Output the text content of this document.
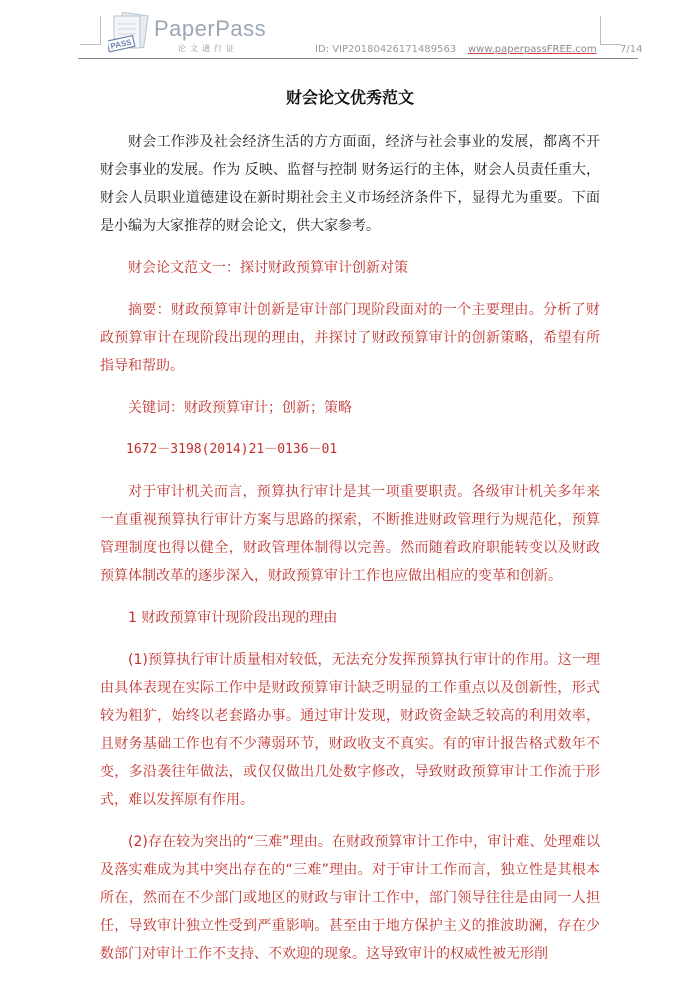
PASS
PaperPass
论文通行证	ID: VIP20180426171489563 www.paperpassFREE.com 7/14
财会论文优秀范文

财会工作涉及社会经济生活的方方面面，经济与社会事业的发展，都离不开财会事业的发展。作为 反映、监督与控制 财务运行的主体，财会人员责任重大，财会人员职业道德建设在新时期社会主义市场经济条件下，显得尤为重要。下面是小编为大家推荐的财会论文，供大家参考。

财会论文范文一：探讨财政预算审计创新对策

摘要：财政预算审计创新是审计部门现阶段面对的一个主要理由。分析了财政预算审计在现阶段出现的理由，并探讨了财政预算审计的创新策略，希望有所指导和帮助。

关键词：财政预算审计；创新；策略

1672－3198(2014)21－0136－01

对于审计机关而言，预算执行审计是其一项重要职责。各级审计机关多年来一直重视预算执行审计方案与思路的探索，不断推进财政管理行为规范化，预算管理制度也得以健全，财政管理体制得以完善。然而随着政府职能转变以及财政预算体制改革的逐步深入，财政预算审计工作也应做出相应的变革和创新。

1 财政预算审计现阶段出现的理由

(1)预算执行审计质量相对较低，无法充分发挥预算执行审计的作用。这一理由具体表现在实际工作中是财政预算审计缺乏明显的工作重点以及创新性，形式较为粗犷，始终以老套路办事。通过审计发现，财政资金缺乏较高的利用效率，且财务基础工作也有不少薄弱环节，财政收支不真实。有的审计报告格式数年不变，多沿袭往年做法，或仅仅做出几处数字修改，导致财政预算审计工作流于形式，难以发挥原有作用。

(2)存在较为突出的“三难”理由。在财政预算审计工作中，审计难、处理难以及落实难成为其中突出存在的“三难”理由。对于审计工作而言，独立性是其根本所在，然而在不少部门或地区的财政与审计工作中，部门领导往往是由同一人担任，导致审计独立性受到严重影响。甚至由于地方保护主义的推波助澜，存在少数部门对审计工作不支持、不欢迎的现象。这导致审计的权威性被无形削
